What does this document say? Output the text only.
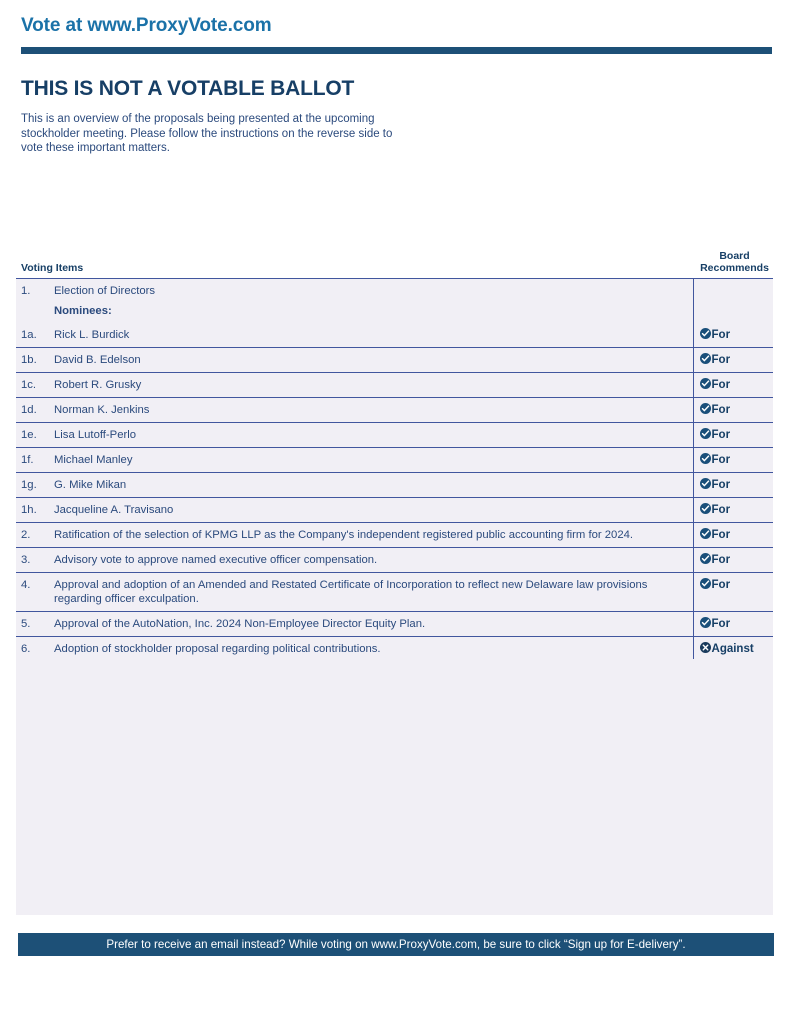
Vote at www.ProxyVote.com
THIS IS NOT A VOTABLE BALLOT
This is an overview of the proposals being presented at the upcoming stockholder meeting. Please follow the instructions on the reverse side to vote these important matters.
Voting Items		Board
Recommends
1.	Election of Directors	
	Nominees:	
1a.	Rick L. Burdick	For
1b.	David B. Edelson	For
1c.	Robert R. Grusky	For
1d.	Norman K. Jenkins	For
1e.	Lisa Lutoff-Perlo	For
1f.	Michael Manley	For
1g.	G. Mike Mikan	For
1h.	Jacqueline A. Travisano	For
2.	Ratification of the selection of KPMG LLP as the Company's independent registered public accounting firm for 2024.	For
3.	Advisory vote to approve named executive officer compensation.	For
4.	Approval and adoption of an Amended and Restated Certificate of Incorporation to reflect new Delaware law provisions regarding officer exculpation.	For
5.	Approval of the AutoNation, Inc. 2024 Non-Employee Director Equity Plan.	For
6.	Adoption of stockholder proposal regarding political contributions.	Against

Prefer to receive an email instead? While voting on www.ProxyVote.com, be sure to click “Sign up for E-delivery”.
